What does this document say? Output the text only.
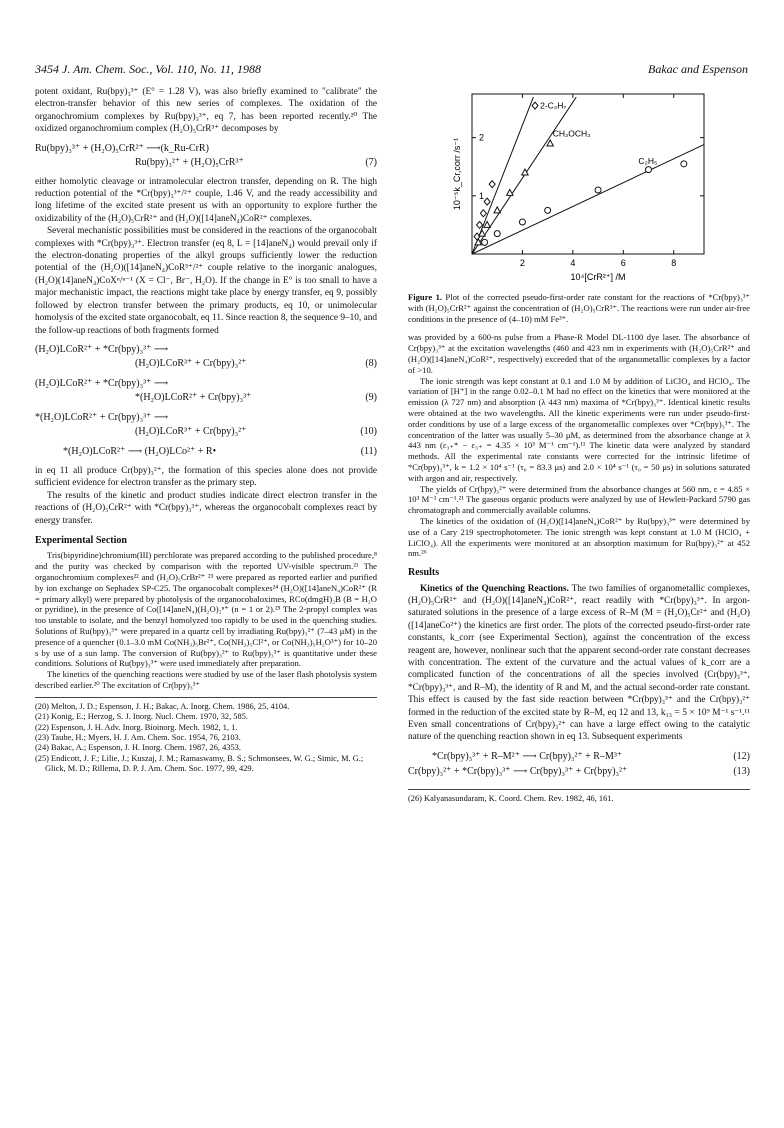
3454 J. Am. Chem. Soc., Vol. 110, No. 11, 1988	Bakac and Espenson

potent oxidant, Ru(bpy)₃³⁺ (E° = 1.28 V), was also briefly examined to "calibrate" the electron-transfer behavior of this new series of complexes. The oxidation of the organochromium complexes by Ru(bpy)₃³⁺, eq 7, has been reported recently.²⁰ The oxidized organochromium complex (H₂O)₅CrR³⁺ decomposes by

Ru(bpy)₃³⁺ + (H₂O)₅CrR²⁺ ⟶(k_Ru-CrR)
Ru(bpy)₃²⁺ + (H₂O)₅CrR³⁺	(7)

either homolytic cleavage or intramolecular electron transfer, depending on R. The high reduction potential of the *Cr(bpy)₃³⁺/²⁺ couple, 1.46 V, and the ready accessibility and long lifetime of the excited state present us with an opportunity to explore further the oxidizability of the (H₂O)₅CrR²⁺ and (H₂O)([14]aneN₄)CoR²⁺ complexes.

Several mechanistic possibilities must be considered in the reactions of the organocobalt complexes with *Cr(bpy)₃³⁺. Electron transfer (eq 8, L = [14]aneN₄) would prevail only if the electron-donating properties of the alkyl groups sufficiently lower the reduction potential of the (H₂O)([14]aneN₄)CoR³⁺/²⁺ couple relative to the inorganic analogues, (H₂O)(14]aneN₄)CoXⁿ/ⁿ⁻¹ (X = Cl⁻, Br⁻, H₂O). If the change in E° is too small to have a major mechanistic impact, the reactions might take place by energy transfer, eq 9, possibly followed by electron transfer between the primary products, eq 10, or unimolecular homolysis of the excited state organocobalt, eq 11. Since reaction 8, the sequence 9–10, and the follow-up reactions of both fragments formed

(H₂O)LCoR²⁺ + *Cr(bpy)₃³⁺ ⟶
(H₂O)LCoR³⁺ + Cr(bpy)₃²⁺	(8)
(H₂O)LCoR²⁺ + *Cr(bpy)₃³⁺ ⟶
*(H₂O)LCoR²⁺ + Cr(bpy)₃³⁺	(9)
*(H₂O)LCoR²⁺ + Cr(bpy)₃³⁺ ⟶
(H₂O)LCoR³⁺ + Cr(bpy)₃²⁺	(10)
*(H₂O)LCoR²⁺ ⟶ (H₂O)LCo²⁺ + R•	(11)

in eq 11 all produce Cr(bpy)₃²⁺, the formation of this species alone does not provide sufficient evidence for electron transfer as the primary step.

The results of the kinetic and product studies indicate direct electron transfer in the reactions of (H₂O)₅CrR²⁺ with *Cr(bpy)₃³⁺, whereas the organocobalt complexes react by energy transfer.

Experimental Section

Tris(bipyridine)chromium(III) perchlorate was prepared according to the published procedure,⁸ and the purity was checked by comparison with the reported UV-visible spectrum.²¹ The organochromium complexes²² and (H₂O)₅CrBr²⁺ ²³ were prepared as reported earlier and purified by ion exchange on Sephadex SP-C25. The organocobalt complexes²⁴ (H₂O)([14]aneN₄)CoR²⁺ (R = primary alkyl) were prepared by photolysis of the organocobaloximes, RCo(dmgH)₂B (B = H₂O or pyridine), in the presence of Co([14]aneN₄)(H₂O)₂ⁿ⁺ (n = 1 or 2).²⁵ The 2-propyl complex was too unstable to isolate, and the benzyl homolyzed too rapidly to be used in the quenching studies. Solutions of Ru(bpy)₃³⁺ were prepared in a quartz cell by irradiating Ru(bpy)₃²⁺ (7–43 μM) in the presence of a quencher (0.1–3.0 mM Co(NH₃)₅Br²⁺, Co(NH₃)₅Cl²⁺, or Co(NH₃)₅H₂O³⁺) for 10–20 s by use of a sun lamp. The conversion of Ru(bpy)₃²⁺ to Ru(bpy)₃³⁺ is quantitative under these conditions. Solutions of Ru(bpy)₃³⁺ were used immediately after preparation.

The kinetics of the quenching reactions were studied by use of the laser flash photolysis system described earlier.²⁰ The excitation of Cr(bpy)₃³⁺

(20) Melton, J. D.; Espenson, J. H.; Bakac, A. Inorg. Chem. 1986, 25, 4104.
(21) Konig, E.; Herzog, S. J. Inorg. Nucl. Chem. 1970, 32, 585.
(22) Espenson, J. H. Adv. Inorg. Bioinorg. Mech. 1982, 1, 1.
(23) Taube, H.; Myers, H. J. Am. Chem. Soc. 1954, 76, 2103.
(24) Bakac, A.; Espenson, J. H. Inorg. Chem. 1987, 26, 4353.
(25) Endicott, J. F.; Lilie, J.; Kuszaj, J. M.; Ramaswamy, B. S.; Schmonsees, W. G.; Simic, M. G.; Glick, M. D.; Rillema, D. P. J. Am. Chem. Soc. 1977, 99, 429.
2	4	6	8
1
2
10⁴[CrR²⁺] /M
10⁻⁵k_Cr,corr /s⁻¹
2-C₃H₇
CH₂OCH₃
C₂H₅
Figure 1. Plot of the corrected pseudo-first-order rate constant for the reactions of *Cr(bpy)₃³⁺ with (H₂O)₅CrR²⁺ against the concentration of (H₂O)₅CrR³⁺. The reactions were run under air-free conditions in the presence of (4–10) mM Fe³⁺.

was provided by a 600-ns pulse from a Phase-R Model DL-1100 dye laser. The absorbance of Cr(bpy)₃³⁺ at the excitation wavelengths (460 and 423 nm in experiments with (H₂O)₅CrR²⁺ and (H₂O)([14]aneN₄)CoR²⁺, respectively) exceeded that of the organometallic complexes by a factor of >10.

The ionic strength was kept constant at 0.1 and 1.0 M by addition of LiClO₄ and HClO₄. The variation of [H⁺] in the range 0.02–0.1 M had no effect on the kinetics that were monitored at the emission (λ 727 nm) and absorption (λ 443 nm) maxima of *Cr(bpy)₃³⁺. Identical kinetic results were obtained at the two wavelengths. All the kinetic experiments were run under pseudo-first-order conditions by use of a large excess of the organometallic complexes over *Cr(bpy)₃³⁺. The concentration of the latter was usually 5–30 μM, as determined from the absorbance change at λ 443 nm (ε₃₊* − ε₃₊ = 4.35 × 10³ M⁻¹ cm⁻¹).¹¹ The kinetic data were analyzed by standard methods. All the experimental rate constants were corrected for the intrinsic lifetime of *Cr(bpy)₃³⁺, k = 1.2 × 10⁴ s⁻¹ (τ₀ = 83.3 μs) and 2.0 × 10⁴ s⁻¹ (τ₀ = 50 μs) in solutions saturated with argon and air, respectively.

The yields of Cr(bpy)₃²⁺ were determined from the absorbance changes at 560 nm, ε = 4.85 × 10³ M⁻¹ cm⁻¹.²¹ The gaseous organic products were analyzed by use of Hewlett-Packard 5790 gas chromatograph and commercially available columns.

The kinetics of the oxidation of (H₂O)([14]aneN₄)CoR²⁺ by Ru(bpy)₃³⁺ were determined by use of a Cary 219 spectrophotometer. The ionic strength was kept constant at 1.0 M (HClO₄ + LiClO₄). All the experiments were monitored at an absorption maximum for Ru(bpy)₃²⁺ at 452 nm.²⁶

Results

Kinetics of the Quenching Reactions. The two families of organometallic complexes, (H₂O)₅CrR²⁺ and (H₂O)([14]aneN₄)CoR²⁺, react readily with *Cr(bpy)₃³⁺. In argon-saturated solutions in the presence of a large excess of R–M (M = (H₂O)₅Cr²⁺ and (H₂O)([14]aneCo²⁺) the kinetics are first order. The plots of the corrected pseudo-first-order rate constants, k_corr (see Experimental Section), against the concentration of the excess reagent are, however, nonlinear such that the apparent second-order rate constant decreases with concentration. The extent of the curvature and the actual values of k_corr are a complicated function of the concentrations of all the species involved (Cr(bpy)₃³⁺, *Cr(bpy)₃³⁺, and R–M), the identity of R and M, and the actual second-order rate constant. This effect is caused by the fast side reaction between *Cr(bpy)₃³⁺ and the Cr(bpy)₃²⁺ formed in the reduction of the excited state by R–M, eq 12 and 13, k₁₃ = 5 × 10⁹ M⁻¹ s⁻¹.¹¹ Even small concentrations of Cr(bpy)₃²⁺ can have a large effect owing to the catalytic nature of the quenching reaction shown in eq 13. Subsequent experiments

*Cr(bpy)₃³⁺ + R–M²⁺ ⟶ Cr(bpy)₃²⁺ + R–M³⁺	(12)
Cr(bpy)₃²⁺ + *Cr(bpy)₃³⁺ ⟶ Cr(bpy)₃³⁺ + Cr(bpy)₃²⁺	(13)
(26) Kalyanasundaram, K. Coord. Chem. Rev. 1982, 46, 161.
